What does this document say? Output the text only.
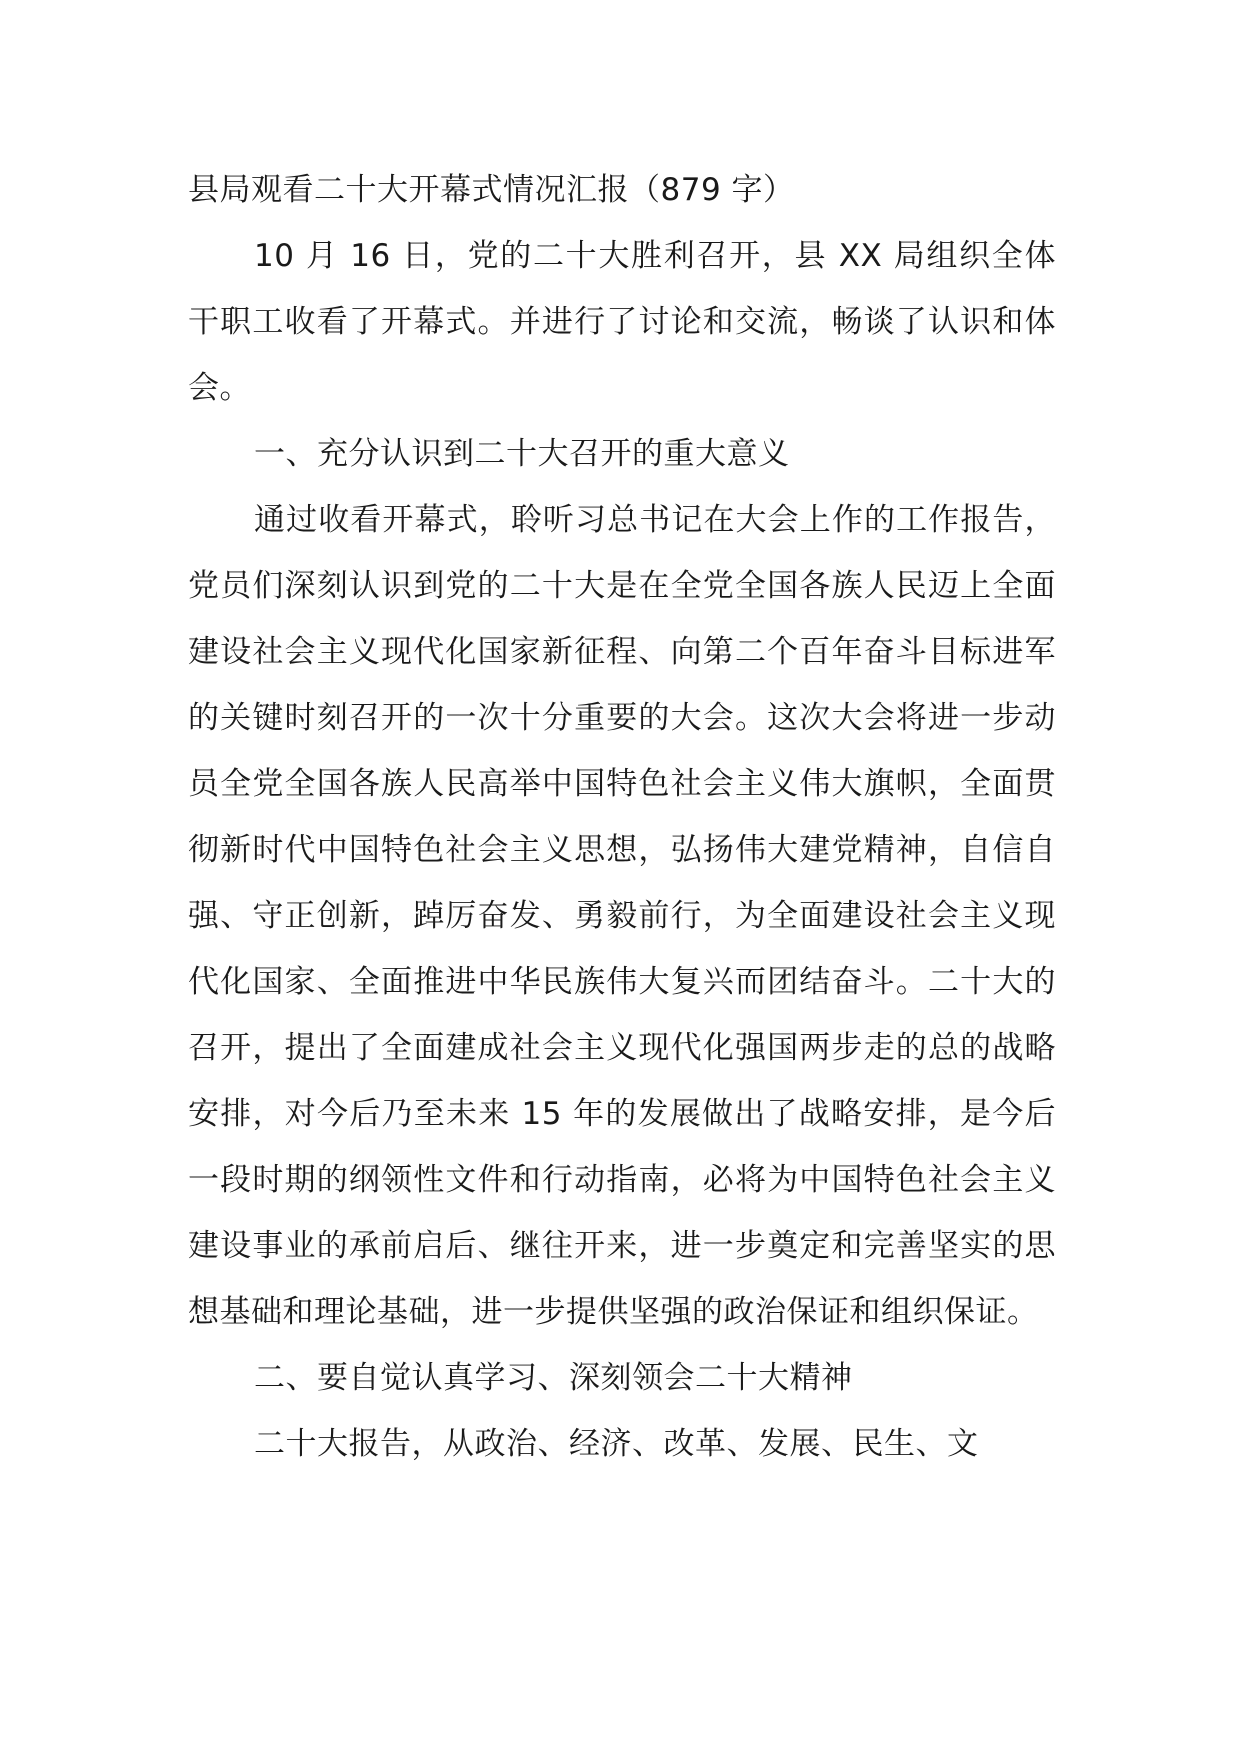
县局观看二十大开幕式情况汇报（879 字）

10 月 16 日，党的二十大胜利召开，县 XX 局组织全体干职工收看了开幕式。并进行了讨论和交流，畅谈了认识和体会。

一、充分认识到二十大召开的重大意义

通过收看开幕式，聆听习总书记在大会上作的工作报告，党员们深刻认识到党的二十大是在全党全国各族人民迈上全面建设社会主义现代化国家新征程、向第二个百年奋斗目标进军的关键时刻召开的一次十分重要的大会。这次大会将进一步动员全党全国各族人民高举中国特色社会主义伟大旗帜，全面贯彻新时代中国特色社会主义思想，弘扬伟大建党精神，自信自强、守正创新，踔厉奋发、勇毅前行，为全面建设社会主义现代化国家、全面推进中华民族伟大复兴而团结奋斗。二十大的召开，提出了全面建成社会主义现代化强国两步走的总的战略安排，对今后乃至未来 15 年的发展做出了战略安排，是今后一段时期的纲领性文件和行动指南，必将为中国特色社会主义建设事业的承前启后、继往开来，进一步奠定和完善坚实的思想基础和理论基础，进一步提供坚强的政治保证和组织保证。

二、要自觉认真学习、深刻领会二十大精神

二十大报告，从政治、经济、改革、发展、民生、文
